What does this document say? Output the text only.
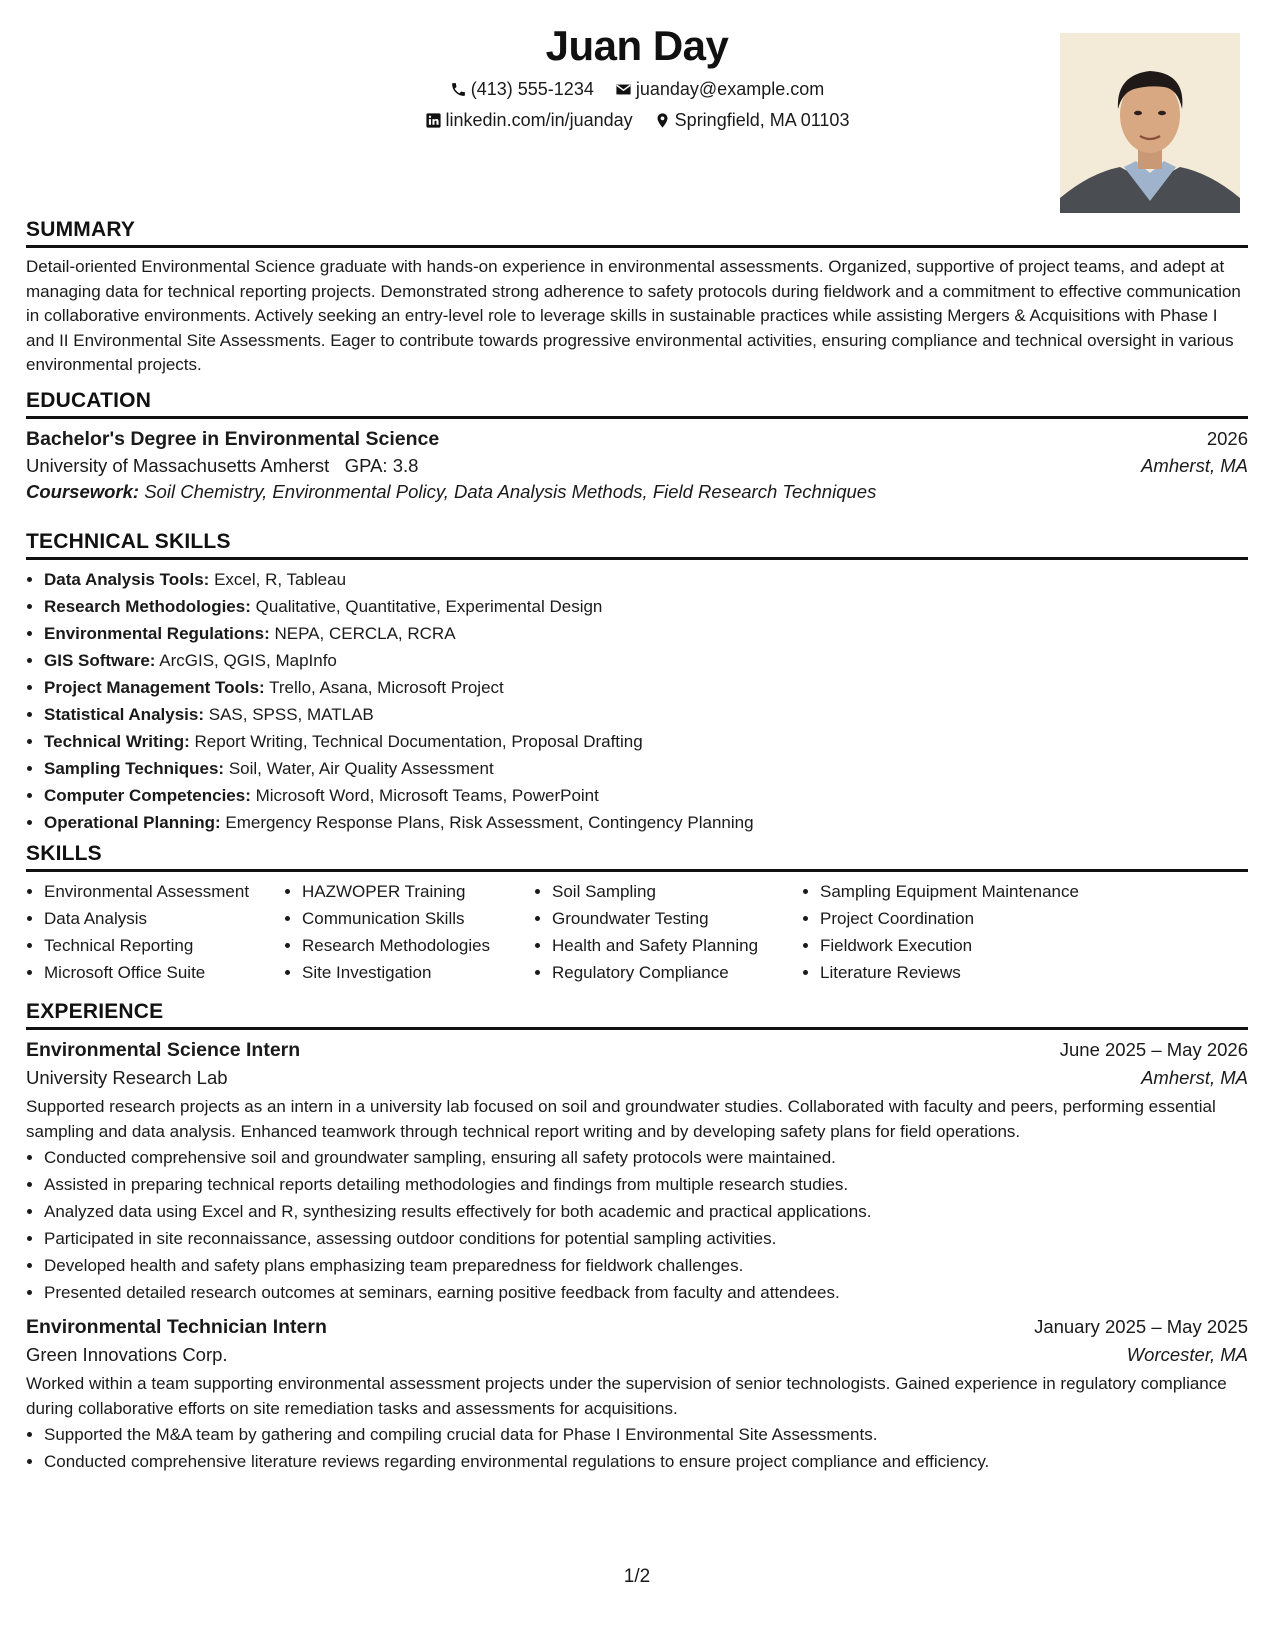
Juan Day
(413) 555-1234
juanday@example.com
linkedin.com/in/juanday
Springfield, MA 01103
SUMMARY

Detail-oriented Environmental Science graduate with hands-on experience in environmental assessments. Organized, supportive of project teams, and adept at managing data for technical reporting projects. Demonstrated strong adherence to safety protocols during fieldwork and a commitment to effective communication in collaborative environments. Actively seeking an entry-level role to leverage skills in sustainable practices while assisting Mergers & Acquisitions with Phase I and II Environmental Site Assessments. Eager to contribute towards progressive environmental activities, ensuring compliance and technical oversight in various environmental projects.

EDUCATION
Bachelor's Degree in Environmental Science	2026
University of Massachusetts Amherst GPA: 3.8	Amherst, MA
Coursework: Soil Chemistry, Environmental Policy, Data Analysis Methods, Field Research Techniques
TECHNICAL SKILLS
• Data Analysis Tools: Excel, R, Tableau
• Research Methodologies: Qualitative, Quantitative, Experimental Design
• Environmental Regulations: NEPA, CERCLA, RCRA
• GIS Software: ArcGIS, QGIS, MapInfo
• Project Management Tools: Trello, Asana, Microsoft Project
• Statistical Analysis: SAS, SPSS, MATLAB
• Technical Writing: Report Writing, Technical Documentation, Proposal Drafting
• Sampling Techniques: Soil, Water, Air Quality Assessment
• Computer Competencies: Microsoft Word, Microsoft Teams, PowerPoint
• Operational Planning: Emergency Response Plans, Risk Assessment, Contingency Planning
SKILLS
• Environmental Assessment
• Data Analysis
• Technical Reporting
• Microsoft Office Suite
• HAZWOPER Training
• Communication Skills
• Research Methodologies
• Site Investigation
• Soil Sampling
• Groundwater Testing
• Health and Safety Planning
• Regulatory Compliance
• Sampling Equipment Maintenance
• Project Coordination
• Fieldwork Execution
• Literature Reviews
EXPERIENCE
Environmental Science Intern	June 2025 – May 2026
University Research Lab	Amherst, MA

Supported research projects as an intern in a university lab focused on soil and groundwater studies. Collaborated with faculty and peers, performing essential sampling and data analysis. Enhanced teamwork through technical report writing and by developing safety plans for field operations.

• Conducted comprehensive soil and groundwater sampling, ensuring all safety protocols were maintained.
• Assisted in preparing technical reports detailing methodologies and findings from multiple research studies.
• Analyzed data using Excel and R, synthesizing results effectively for both academic and practical applications.
• Participated in site reconnaissance, assessing outdoor conditions for potential sampling activities.
• Developed health and safety plans emphasizing team preparedness for fieldwork challenges.
• Presented detailed research outcomes at seminars, earning positive feedback from faculty and attendees.
Environmental Technician Intern	January 2025 – May 2025
Green Innovations Corp.	Worcester, MA

Worked within a team supporting environmental assessment projects under the supervision of senior technologists. Gained experience in regulatory compliance during collaborative efforts on site remediation tasks and assessments for acquisitions.

• Supported the M&A team by gathering and compiling crucial data for Phase I Environmental Site Assessments.
• Conducted comprehensive literature reviews regarding environmental regulations to ensure project compliance and efficiency.
1/2
